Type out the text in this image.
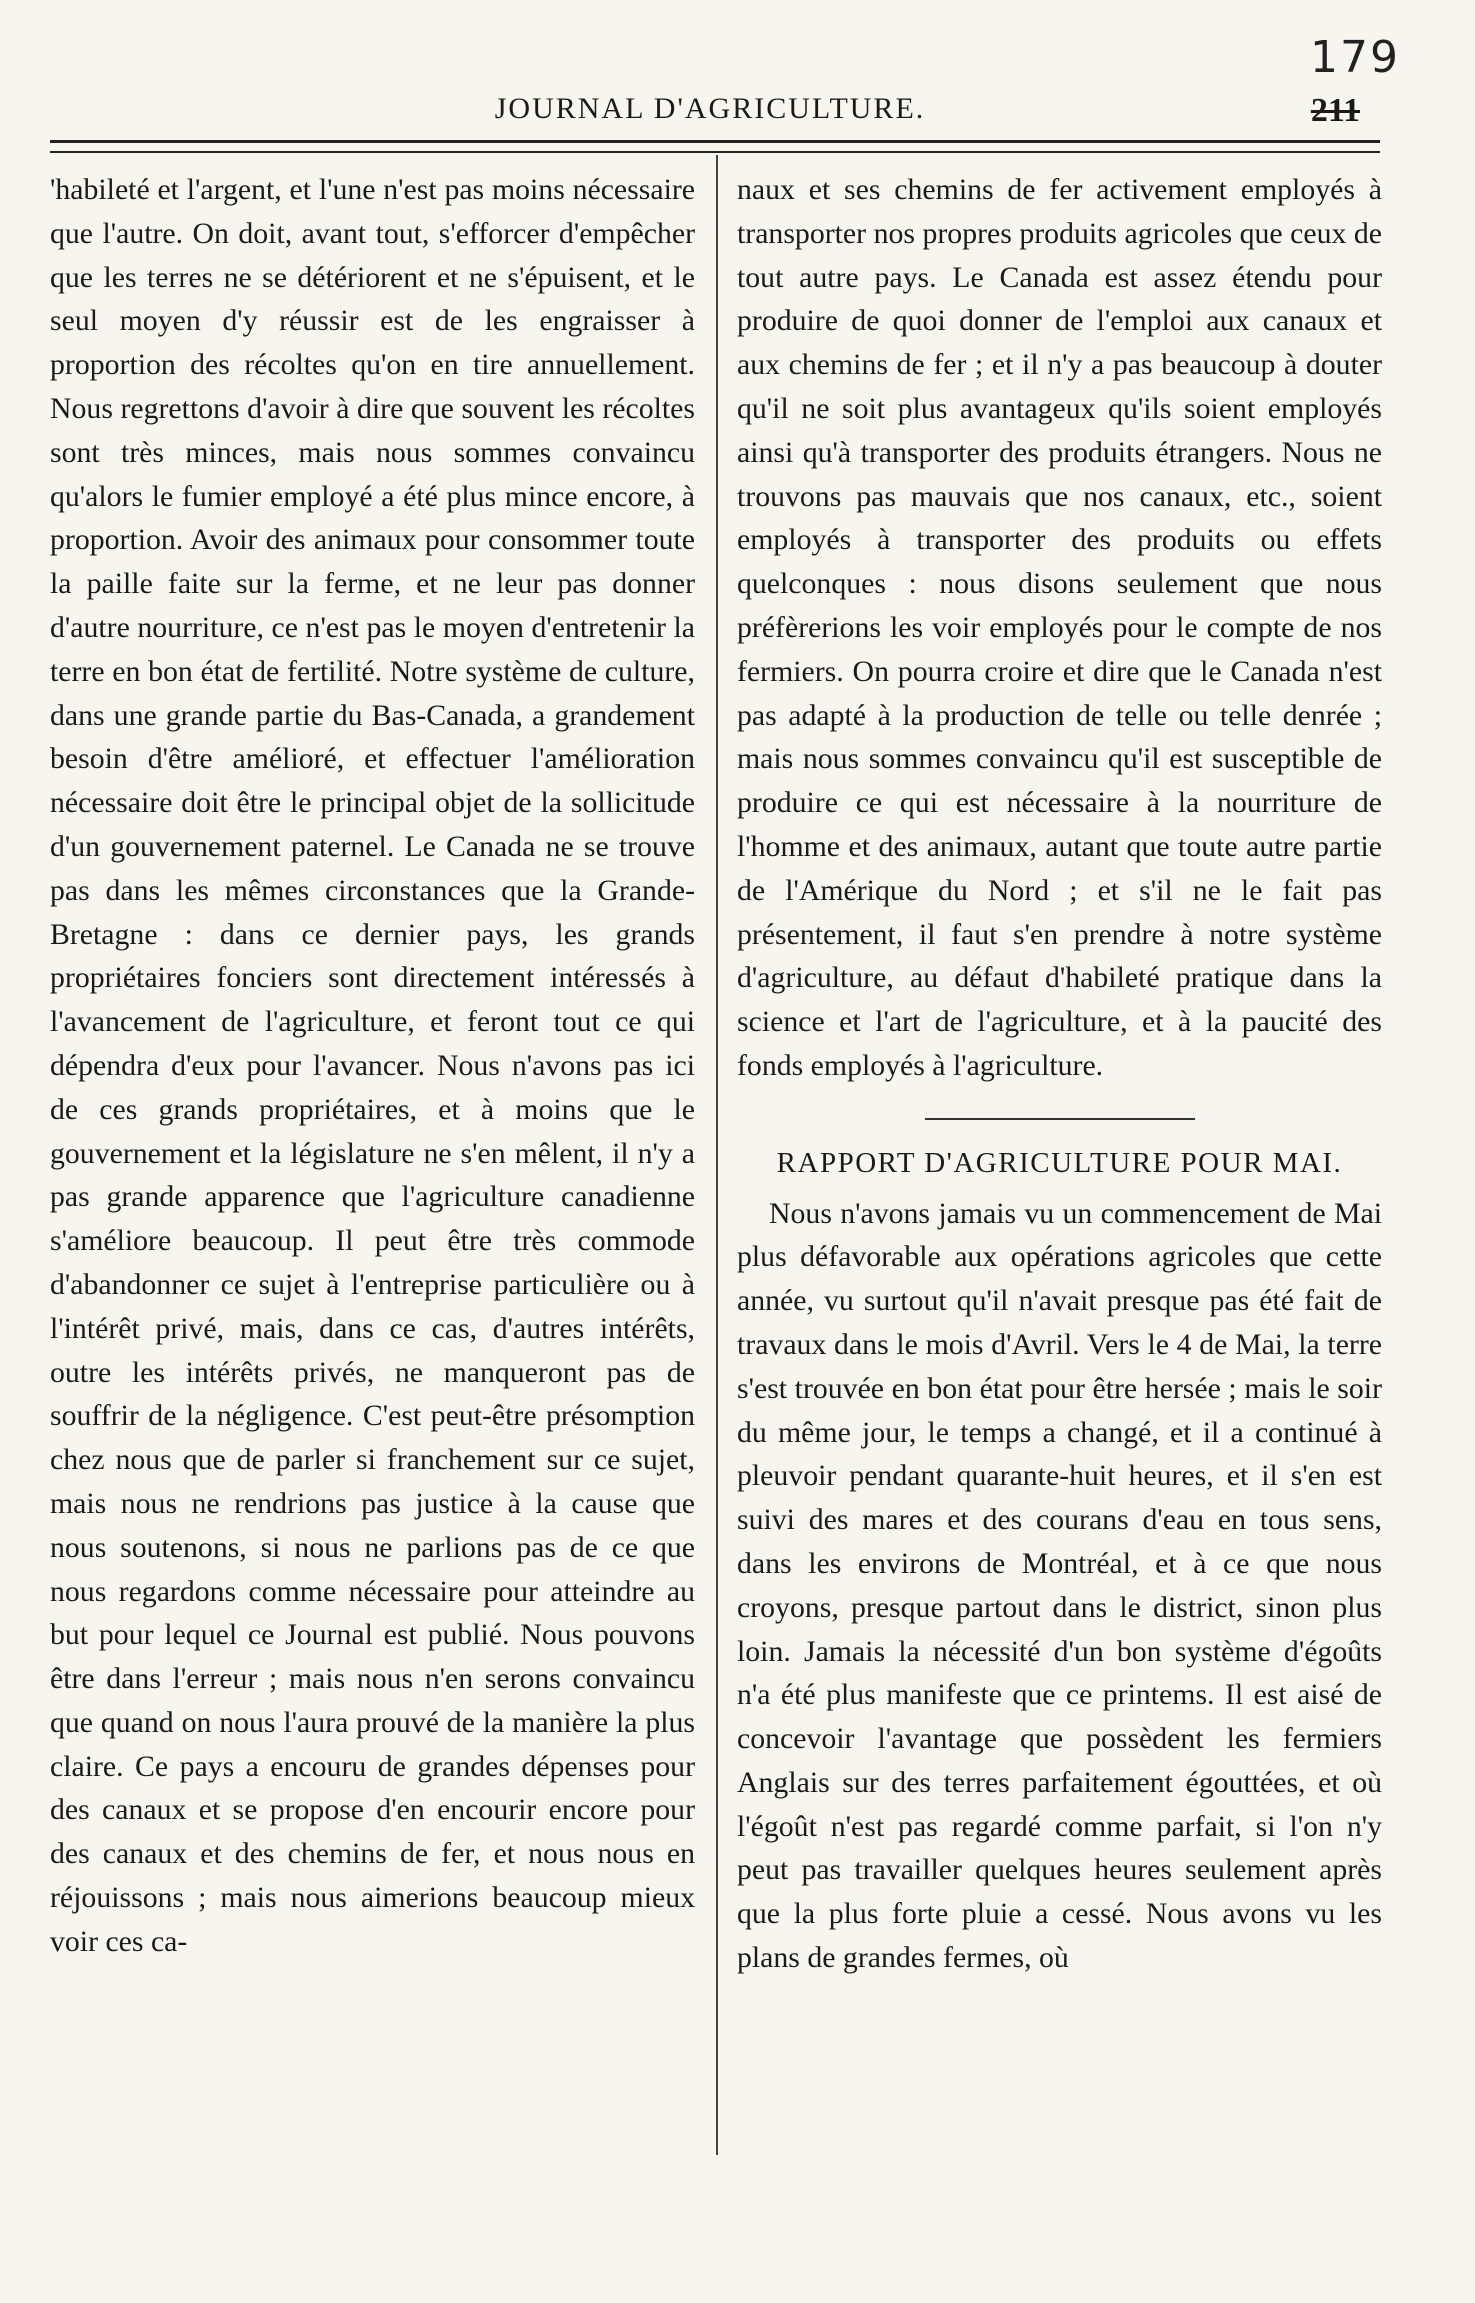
179
JOURNAL D'AGRICULTURE.	211

'habileté et l'argent, et l'une n'est pas moins nécessaire que l'autre. On doit, avant tout, s'efforcer d'empêcher que les terres ne se détériorent et ne s'épuisent, et le seul moyen d'y réussir est de les engraisser à proportion des récoltes qu'on en tire annuellement. Nous regrettons d'avoir à dire que souvent les récoltes sont très minces, mais nous sommes convaincu qu'alors le fumier employé a été plus mince encore, à proportion. Avoir des animaux pour consommer toute la paille faite sur la ferme, et ne leur pas donner d'autre nourriture, ce n'est pas le moyen d'entretenir la terre en bon état de fertilité. Notre système de culture, dans une grande partie du Bas-Canada, a grandement besoin d'être amélioré, et effectuer l'amélioration nécessaire doit être le principal objet de la sollicitude d'un gouvernement paternel. Le Canada ne se trouve pas dans les mêmes circonstances que la Grande-Bretagne : dans ce dernier pays, les grands propriétaires fonciers sont directement intéressés à l'avancement de l'agriculture, et feront tout ce qui dépendra d'eux pour l'avancer. Nous n'avons pas ici de ces grands propriétaires, et à moins que le gouvernement et la législature ne s'en mêlent, il n'y a pas grande apparence que l'agriculture canadienne s'améliore beaucoup. Il peut être très commode d'abandonner ce sujet à l'entreprise particulière ou à l'intérêt privé, mais, dans ce cas, d'autres intérêts, outre les intérêts privés, ne manqueront pas de souffrir de la négligence. C'est peut-être présomption chez nous que de parler si franchement sur ce sujet, mais nous ne rendrions pas justice à la cause que nous soutenons, si nous ne parlions pas de ce que nous regardons comme nécessaire pour atteindre au but pour lequel ce Journal est publié. Nous pouvons être dans l'erreur ; mais nous n'en serons convaincu que quand on nous l'aura prouvé de la manière la plus claire. Ce pays a encouru de grandes dépenses pour des canaux et se propose d'en encourir encore pour des canaux et des chemins de fer, et nous nous en réjouissons ; mais nous aimerions beaucoup mieux voir ces ca-

naux et ses chemins de fer activement employés à transporter nos propres produits agricoles que ceux de tout autre pays. Le Canada est assez étendu pour produire de quoi donner de l'emploi aux canaux et aux chemins de fer ; et il n'y a pas beaucoup à douter qu'il ne soit plus avantageux qu'ils soient employés ainsi qu'à transporter des produits étrangers. Nous ne trouvons pas mauvais que nos canaux, etc., soient employés à transporter des produits ou effets quelconques : nous disons seulement que nous préfèrerions les voir employés pour le compte de nos fermiers. On pourra croire et dire que le Canada n'est pas adapté à la production de telle ou telle denrée ; mais nous sommes convaincu qu'il est susceptible de produire ce qui est nécessaire à la nourriture de l'homme et des animaux, autant que toute autre partie de l'Amérique du Nord ; et s'il ne le fait pas présentement, il faut s'en prendre à notre système d'agriculture, au défaut d'habileté pratique dans la science et l'art de l'agriculture, et à la paucité des fonds employés à l'agriculture.

RAPPORT D'AGRICULTURE POUR MAI.

Nous n'avons jamais vu un commencement de Mai plus défavorable aux opérations agricoles que cette année, vu surtout qu'il n'avait presque pas été fait de travaux dans le mois d'Avril. Vers le 4 de Mai, la terre s'est trouvée en bon état pour être hersée ; mais le soir du même jour, le temps a changé, et il a continué à pleuvoir pendant quarante-huit heures, et il s'en est suivi des mares et des courans d'eau en tous sens, dans les environs de Montréal, et à ce que nous croyons, presque partout dans le district, sinon plus loin. Jamais la nécessité d'un bon système d'égoûts n'a été plus manifeste que ce printems. Il est aisé de concevoir l'avantage que possèdent les fermiers Anglais sur des terres parfaitement égouttées, et où l'égoût n'est pas regardé comme parfait, si l'on n'y peut pas travailler quelques heures seulement après que la plus forte pluie a cessé. Nous avons vu les plans de grandes fermes, où
